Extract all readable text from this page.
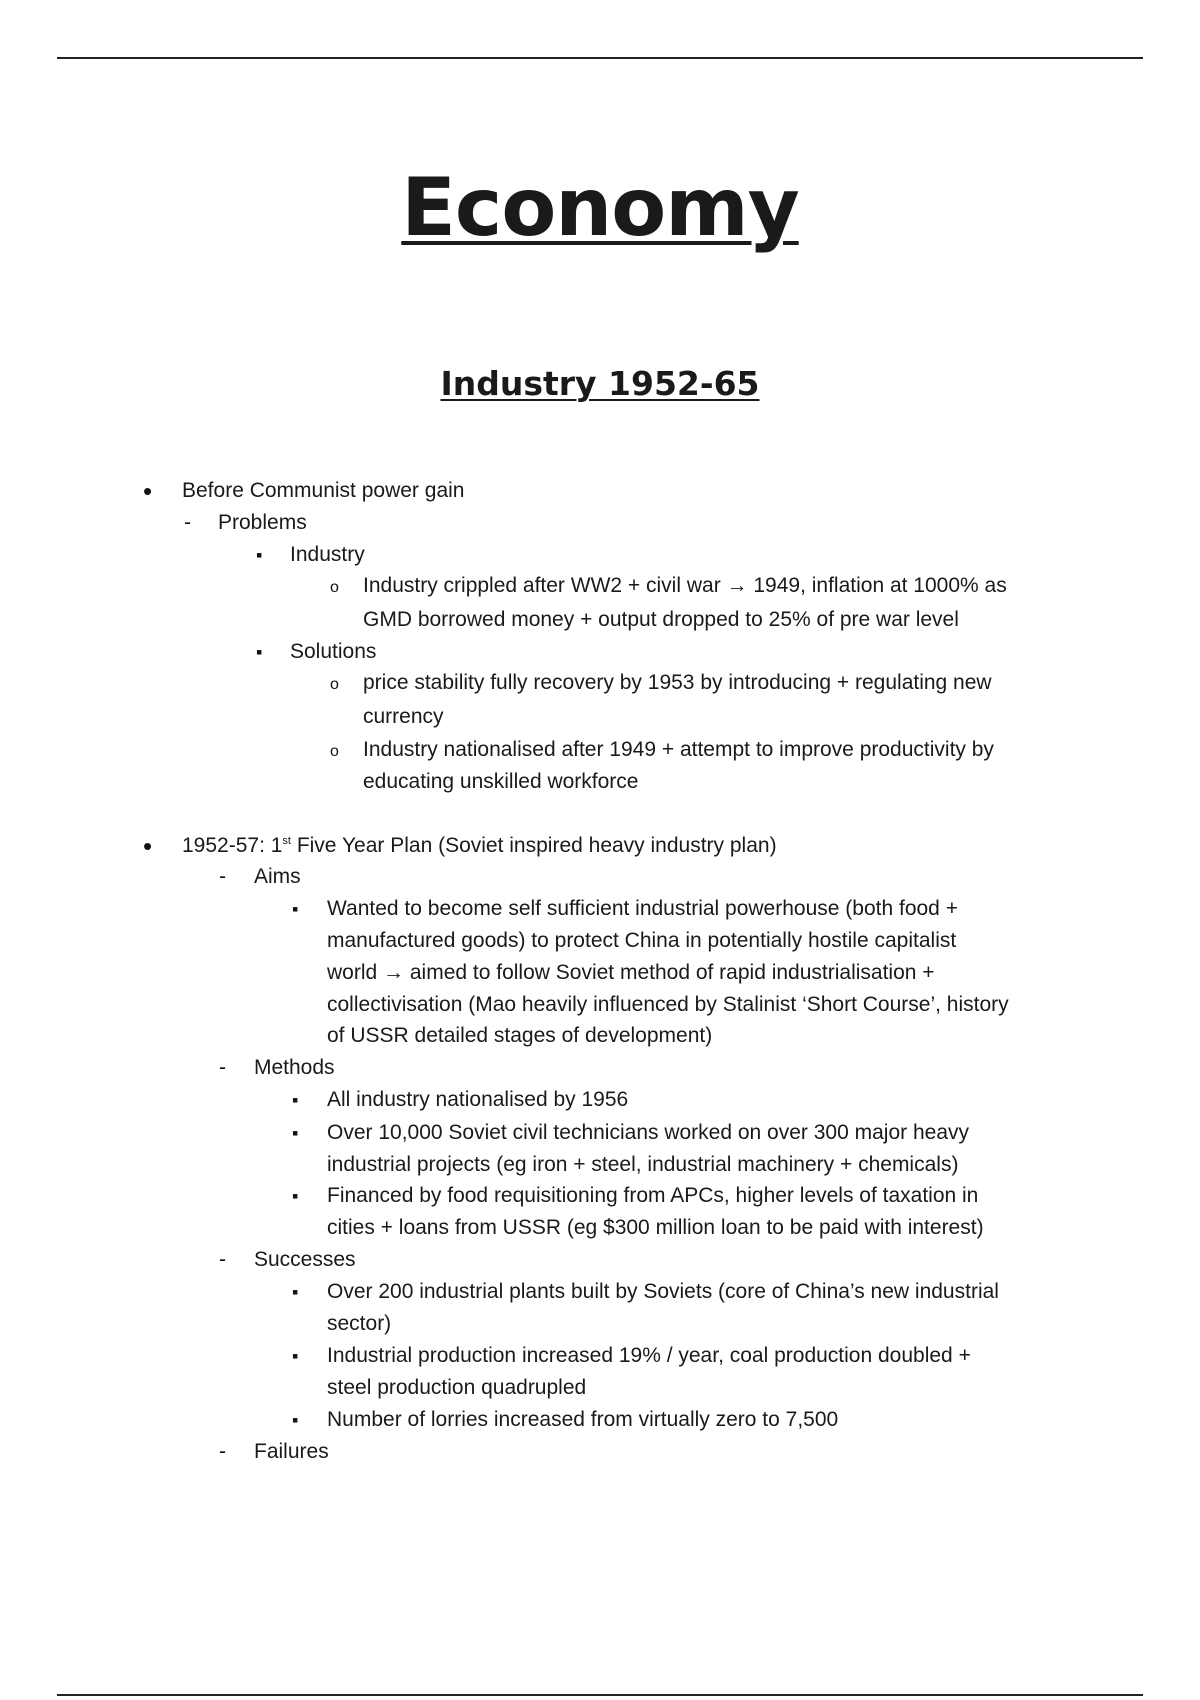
Economy
Industry 1952-65
•

Before Communist power gain

-

Problems

▪

Industry

o

Industry crippled after WW2 + civil war → 1949, inflation at 1000% as

GMD borrowed money + output dropped to 25% of pre war level

▪

Solutions

o

price stability fully recovery by 1953 by introducing + regulating new

currency

o

Industry nationalised after 1949 + attempt to improve productivity by

educating unskilled workforce

•

1952-57: 1st Five Year Plan (Soviet inspired heavy industry plan)

-

Aims

▪

Wanted to become self sufficient industrial powerhouse (both food +

manufactured goods) to protect China in potentially hostile capitalist

world → aimed to follow Soviet method of rapid industrialisation +

collectivisation (Mao heavily influenced by Stalinist ‘Short Course’, history

of USSR detailed stages of development)

-

Methods

▪

All industry nationalised by 1956

▪

Over 10,000 Soviet civil technicians worked on over 300 major heavy

industrial projects (eg iron + steel, industrial machinery + chemicals)

▪

Financed by food requisitioning from APCs, higher levels of taxation in

cities + loans from USSR (eg $300 million loan to be paid with interest)

-

Successes

▪

Over 200 industrial plants built by Soviets (core of China’s new industrial

sector)

▪

Industrial production increased 19% / year, coal production doubled +

steel production quadrupled

▪

Number of lorries increased from virtually zero to 7,500

-

Failures
